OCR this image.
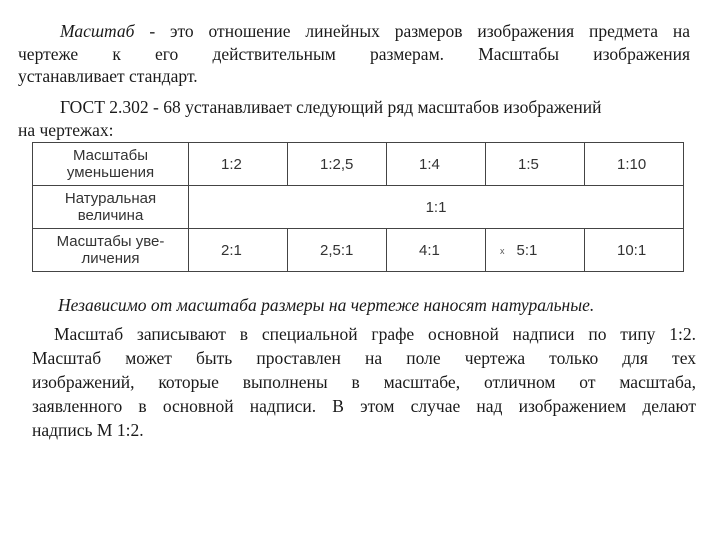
Масштаб - это отношение линейных размеров изображения предмета на
чертеже к его действительным размерам. Масштабы изображения
устанавливает стандарт.
ГОСТ 2.302 - 68 устанавливает следующий ряд масштабов изображений
на чертежах:
Масштабы
уменьшения	1:2	1:2,5	1:4	1:5	1:10

Натуральная
величина	1:1				

Масштабы уве-
личения	2:1	2,5:1	4:1	х 5:1	10:1
Независимо от масштаба размеры на чертеже наносят натуральные.
Масштаб записывают в специальной графе основной надписи по типу 1:2.
Масштаб может быть проставлен на поле чертежа только для тех
изображений, которые выполнены в масштабе, отличном от масштаба,
заявленного в основной надписи. В этом случае над изображением делают
надпись М 1:2.
